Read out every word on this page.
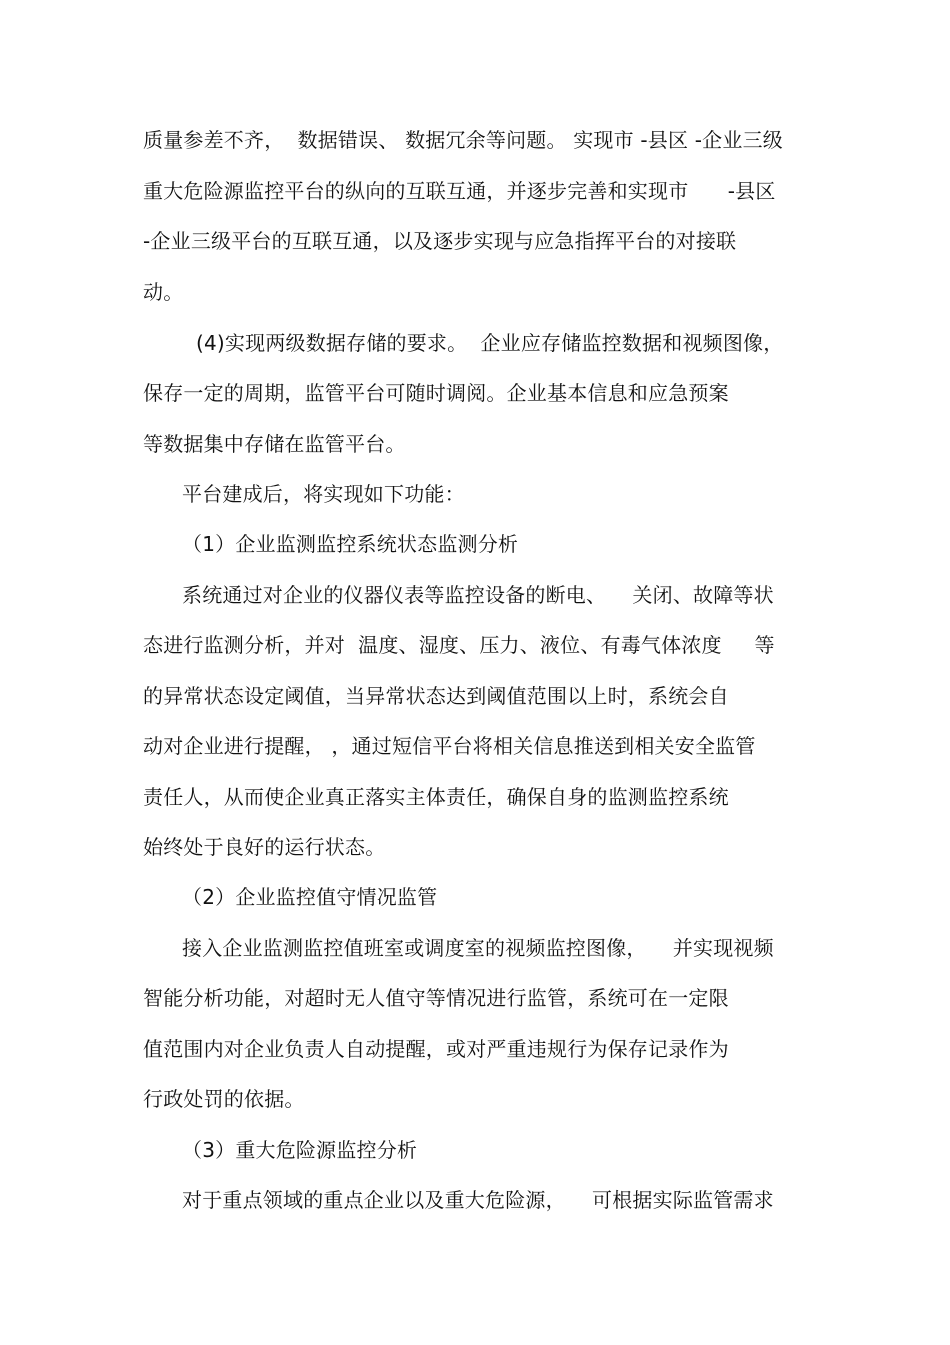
质量参差不齐，  数据错误、 数据冗余等问题。 实现市 -县区 -企业三级
重大危险源监控平台的纵向的互联互通，并逐步完善和实现市      -县区
-企业三级平台的互联互通，以及逐步实现与应急指挥平台的对接联
动。
(4)实现两级数据存储的要求。  企业应存储监控数据和视频图像，
保存一定的周期，监管平台可随时调阅。企业基本信息和应急预案
等数据集中存储在监管平台。
平台建成后，将实现如下功能：
（1）企业监测监控系统状态监测分析
系统通过对企业的仪器仪表等监控设备的断电、    关闭、故障等状
态进行监测分析，并对  温度、湿度、压力、液位、有毒气体浓度     等
的异常状态设定阈值，当异常状态达到阈值范围以上时，系统会自
动对企业进行提醒， ，通过短信平台将相关信息推送到相关安全监管
责任人，从而使企业真正落实主体责任，确保自身的监测监控系统
始终处于良好的运行状态。
（2）企业监控值守情况监管
接入企业监测监控值班室或调度室的视频监控图像，    并实现视频
智能分析功能，对超时无人值守等情况进行监管，系统可在一定限
值范围内对企业负责人自动提醒，或对严重违规行为保存记录作为
行政处罚的依据。
（3）重大危险源监控分析
对于重点领域的重点企业以及重大危险源，    可根据实际监管需求
